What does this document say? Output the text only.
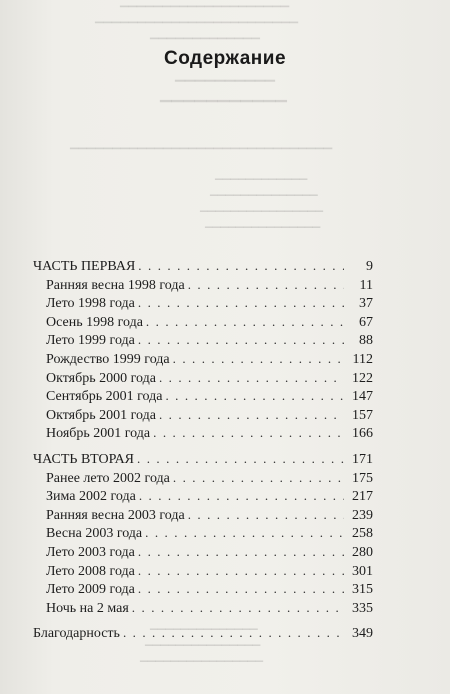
▔▔▔▔▔▔▔▔▔▔▔▔▔▔▔▔▔▔▔▔
▔▔▔▔▔▔▔▔▔▔▔▔▔▔▔▔▔▔▔▔▔▔▔▔
▔▔▔▔▔▔▔▔▔▔▔▔▔
▔▔▔▔▔▔▔▔▔▔
▔▔▔▔▔▔▔▔▔▔▔
▔▔▔▔▔▔▔▔▔▔▔▔▔▔▔▔▔▔▔▔▔▔▔▔▔▔▔▔▔▔▔
▔▔▔▔▔▔▔▔▔▔▔▔
▔▔▔▔▔▔▔▔▔▔▔▔▔▔
▔▔▔▔▔▔▔▔▔▔▔▔▔▔▔▔
▔▔▔▔▔▔▔▔▔▔▔▔▔▔▔
▔▔▔▔▔▔▔▔▔▔▔▔▔▔
▔▔▔▔▔▔▔▔▔▔▔▔▔▔▔
▔▔▔▔▔▔▔▔▔▔▔▔▔▔▔▔
Содержание
ЧАСТЬ ПЕРВАЯ . . .	9
Ранняя весна 1998 года . . .	11
Лето 1998 года . . .	37
Осень 1998 года . . .	67
Лето 1999 года . . .	88
Рождество 1999 года . . .	112
Октябрь 2000 года . . .	122
Сентябрь 2001 года . . .	147
Октябрь 2001 года . . .	157
Ноябрь 2001 года . . .	166
ЧАСТЬ ВТОРАЯ . . .	171
Ранее лето 2002 года . . .	175
Зима 2002 года . . .	217
Ранняя весна 2003 года . . .	239
Весна 2003 года . . .	258
Лето 2003 года . . .	280
Лето 2008 года . . .	301
Лето 2009 года . . .	315
Ночь на 2 мая . . .	335
Благодарность . . .	349
